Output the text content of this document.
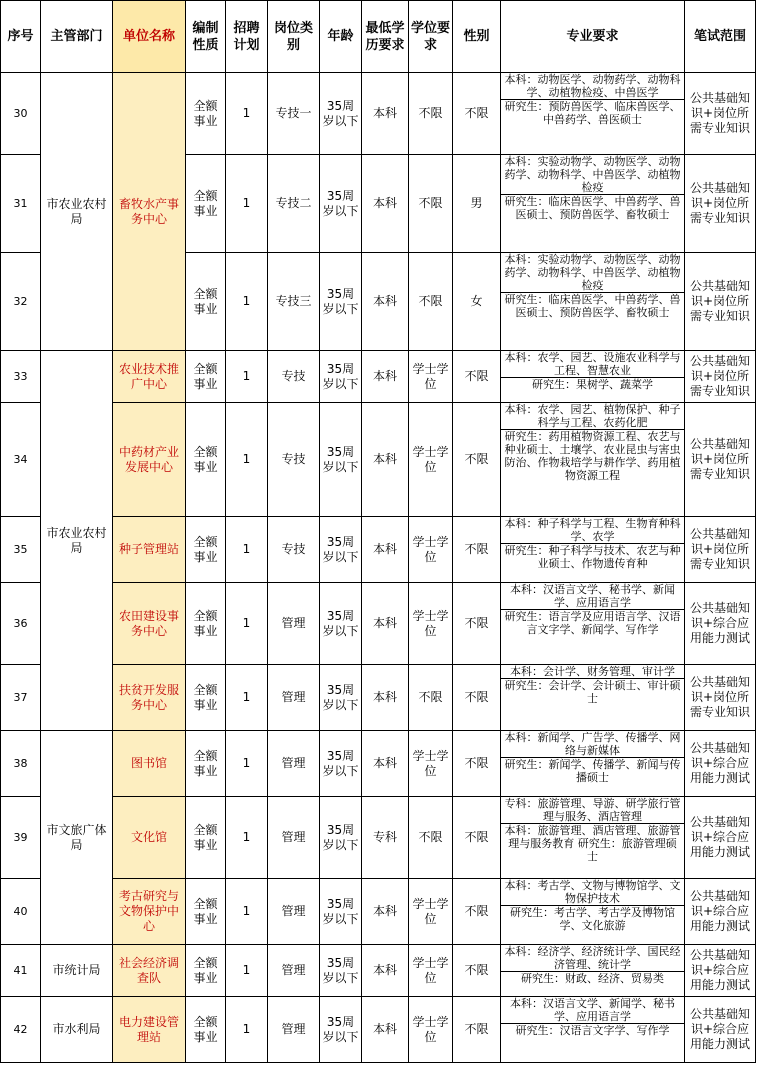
序号	主管部门	单位名称	编制性质	招聘计划	岗位类别	年龄	最低学历要求	学位要求	性别	专业要求	笔试范围
30	市农业农村局	畜牧水产事务中心	全额事业	1	专技一	35周岁以下	本科	不限	不限	本科：动物医学、动物药学、动物科学、动植物检疫、中兽医学
研究生：预防兽医学、临床兽医学、中兽药学、兽医硕士	公共基础知识+岗位所需专业知识
31			全额事业	1	专技二	35周岁以下	本科	不限	男	本科：实验动物学、动物医学、动物药学、动物科学、中兽医学、动植物检疫
研究生：临床兽医学、中兽药学、兽医硕士、预防兽医学、畜牧硕士	公共基础知识+岗位所需专业知识
32			全额事业	1	专技三	35周岁以下	本科	不限	女	本科：实验动物学、动物医学、动物药学、动物科学、中兽医学、动植物检疫
研究生：临床兽医学、中兽药学、兽医硕士、预防兽医学、畜牧硕士	公共基础知识+岗位所需专业知识
33	市农业农村局	农业技术推广中心	全额事业	1	专技	35周岁以下	本科	学士学位	不限	本科：农学、园艺、设施农业科学与工程、智慧农业
研究生：果树学、蔬菜学	公共基础知识+岗位所需专业知识
34		中药材产业发展中心	全额事业	1	专技	35周岁以下	本科	学士学位	不限	本科：农学、园艺、植物保护、种子科学与工程、农药化肥
研究生：药用植物资源工程、农艺与种业硕士、土壤学、农业昆虫与害虫防治、作物栽培学与耕作学、药用植物资源工程	公共基础知识+岗位所需专业知识
35		种子管理站	全额事业	1	专技	35周岁以下	本科	学士学位	不限	本科：种子科学与工程、生物育种科学、农学
研究生：种子科学与技术、农艺与种业硕士、作物遗传育种	公共基础知识+岗位所需专业知识
36		农田建设事务中心	全额事业	1	管理	35周岁以下	本科	学士学位	不限	本科：汉语言文学、秘书学、新闻学、应用语言学
研究生：语言学及应用语言学、汉语言文字学、新闻学、写作学	公共基础知识+综合应用能力测试
37		扶贫开发服务中心	全额事业	1	管理	35周岁以下	本科	不限	不限	本科：会计学、财务管理、审计学
研究生：会计学、会计硕士、审计硕士	公共基础知识+岗位所需专业知识
38	市文旅广体局	图书馆	全额事业	1	管理	35周岁以下	本科	学士学位	不限	本科：新闻学、广告学、传播学、网络与新媒体
研究生：新闻学、传播学、新闻与传播硕士	公共基础知识+综合应用能力测试
39		文化馆	全额事业	1	管理	35周岁以下	专科	不限	不限	专科：旅游管理、导游、研学旅行管理与服务、酒店管理
本科：旅游管理、酒店管理、旅游管理与服务教育 研究生：旅游管理硕士	公共基础知识+综合应用能力测试
40		考古研究与文物保护中心	全额事业	1	管理	35周岁以下	本科	学士学位	不限	本科：考古学、文物与博物馆学、文物保护技术
研究生：考古学、考古学及博物馆学、文化旅游	公共基础知识+综合应用能力测试
41	市统计局	社会经济调查队	全额事业	1	管理	35周岁以下	本科	学士学位	不限	本科：经济学、经济统计学、国民经济管理、统计学
研究生：财政、经济、贸易类	公共基础知识+综合应用能力测试
42	市水利局	电力建设管理站	全额事业	1	管理	35周岁以下	本科	学士学位	不限	本科：汉语言文学、新闻学、秘书学、应用语言学
研究生：汉语言文字学、写作学	公共基础知识+综合应用能力测试
